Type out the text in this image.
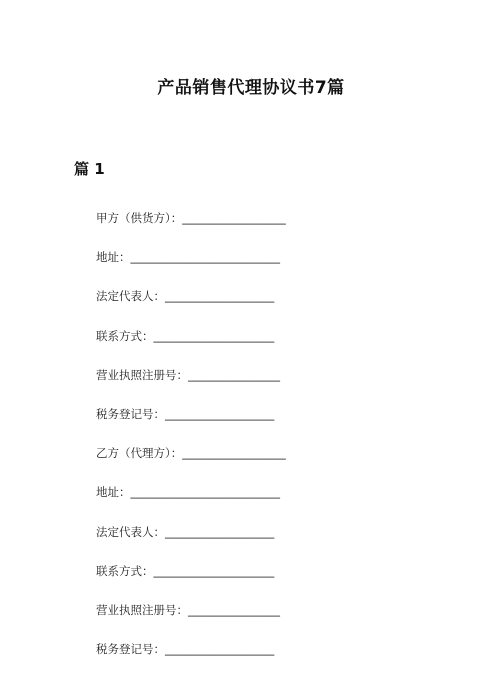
产品销售代理协议书7篇
篇 1
甲方（供货方）：__________________
地址：__________________________
法定代表人：___________________
联系方式：_____________________
营业执照注册号：________________
税务登记号：___________________
乙方（代理方）：__________________
地址：__________________________
法定代表人：___________________
联系方式：_____________________
营业执照注册号：________________
税务登记号：___________________
